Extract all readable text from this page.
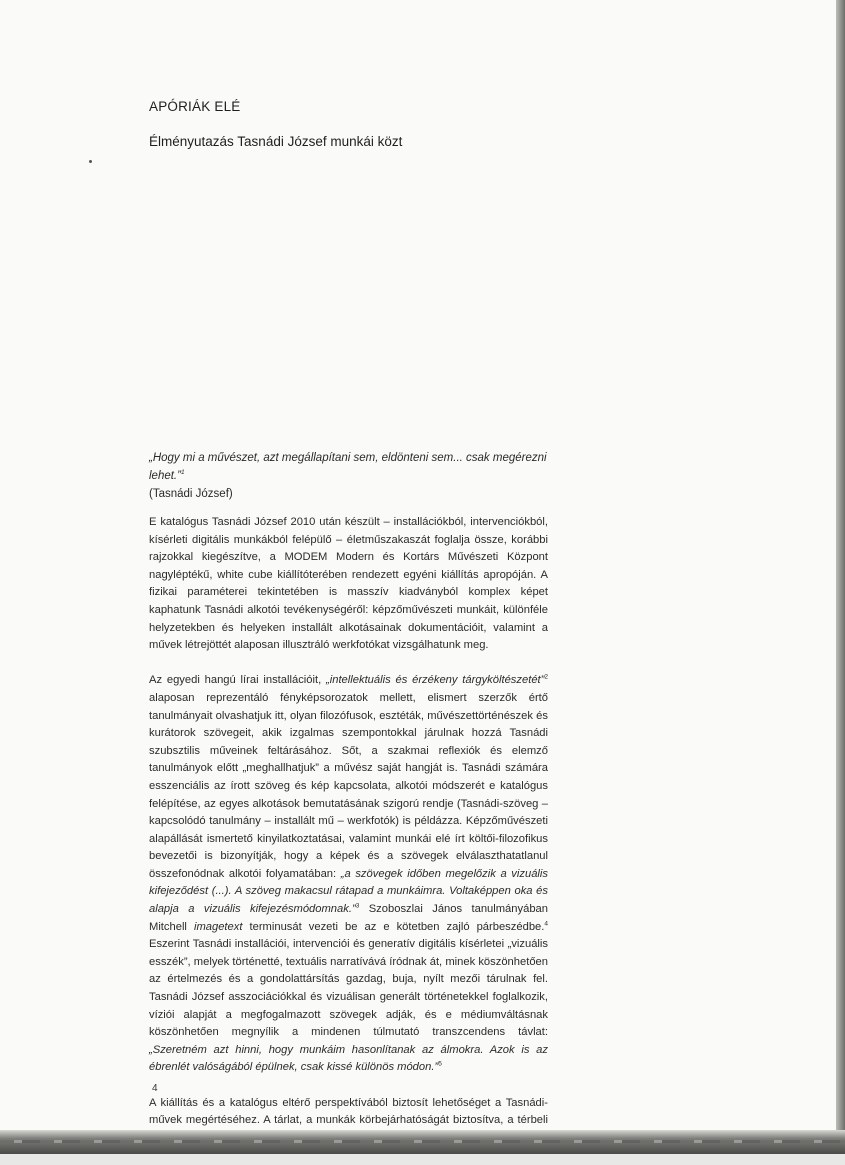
APÓRIÁK ELÉ
Élményutazás Tasnádi József munkái közt
„Hogy mi a művészet, azt megállapítani sem, eldönteni sem... csak megérezni lehet.”$^1$
(Tasnádi József)

E katalógus Tasnádi József 2010 után készült – installációkból, intervenciókból, kísérleti digitális munkákból felépülő – életműszakaszát foglalja össze, korábbi rajzokkal kiegészítve, a MODEM Modern és Kortárs Művészeti Központ nagyléptékű, white cube kiállítóterében rendezett egyéni kiállítás apropóján. A fizikai paraméterei tekintetében is masszív kiadványból komplex képet kaphatunk Tasnádi alkotói tevékenységéről: képzőművészeti munkáit, különféle helyzetekben és helyeken installált alkotásainak dokumentációit, valamint a művek létrejöttét alaposan illusztráló werkfotókat vizsgálhatunk meg.

Az egyedi hangú lírai installációit, „intellektuális és érzékeny tárgyköltészetét”$^2$ alaposan reprezentáló fényképsorozatok mellett, elismert szerzők értő tanulmányait olvashatjuk itt, olyan filozófusok, esztéták, művészettörténészek és kurátorok szövegeit, akik izgalmas szempontokkal járulnak hozzá Tasnádi szubsztilis műveinek feltárásához. Sőt, a szakmai reflexiók és elemző tanulmányok előtt „meghallhatjuk” a művész saját hangját is. Tasnádi számára esszenciális az írott szöveg és kép kapcsolata, alkotói módszerét e katalógus felépítése, az egyes alkotások bemutatásának szigorú rendje (Tasnádi-szöveg – kapcsolódó tanulmány – installált mű – werkfotók) is példázza. Képzőművészeti alapállását ismertető kinyilatkoztatásai, valamint munkái elé írt költői-filozofikus bevezetői is bizonyítják, hogy a képek és a szövegek elválaszthatatlanul összefonódnak alkotói folyamatában: „a szövegek időben megelőzik a vizuális kifejeződést (...). A szöveg makacsul rátapad a munkáimra. Voltaképpen oka és alapja a vizuális kifejezésmódomnak.”$^3$ Szoboszlai János tanulmányában Mitchell imagetext terminusát vezeti be az e kötetben zajló párbeszédbe.$^4$ Eszerint Tasnádi installációi, intervenciói és generatív digitális kísérletei „vizuális esszék”, melyek történetté, textuális narratívává íródnak át, minek köszönhetően az értelmezés és a gondolattársítás gazdag, buja, nyílt mezői tárulnak fel. Tasnádi József asszociációkkal és vizuálisan generált történetekkel foglalkozik, víziói alapját a megfogalmazott szövegek adják, és e médiumváltásnak köszönhetően megnyílik a mindenen túlmutató transzcendens távlat: „Szeretném azt hinni, hogy munkáim hasonlítanak az álmokra. Azok is az ébrenlét valóságából épülnek, csak kissé különös módon.”$^5$

A kiállítás és a katalógus eltérő perspektívából biztosít lehetőséget a Tasnádi-művek megértéséhez. A tárlat, a munkák körbejárhatóságát biztosítva, a térbeli

4
